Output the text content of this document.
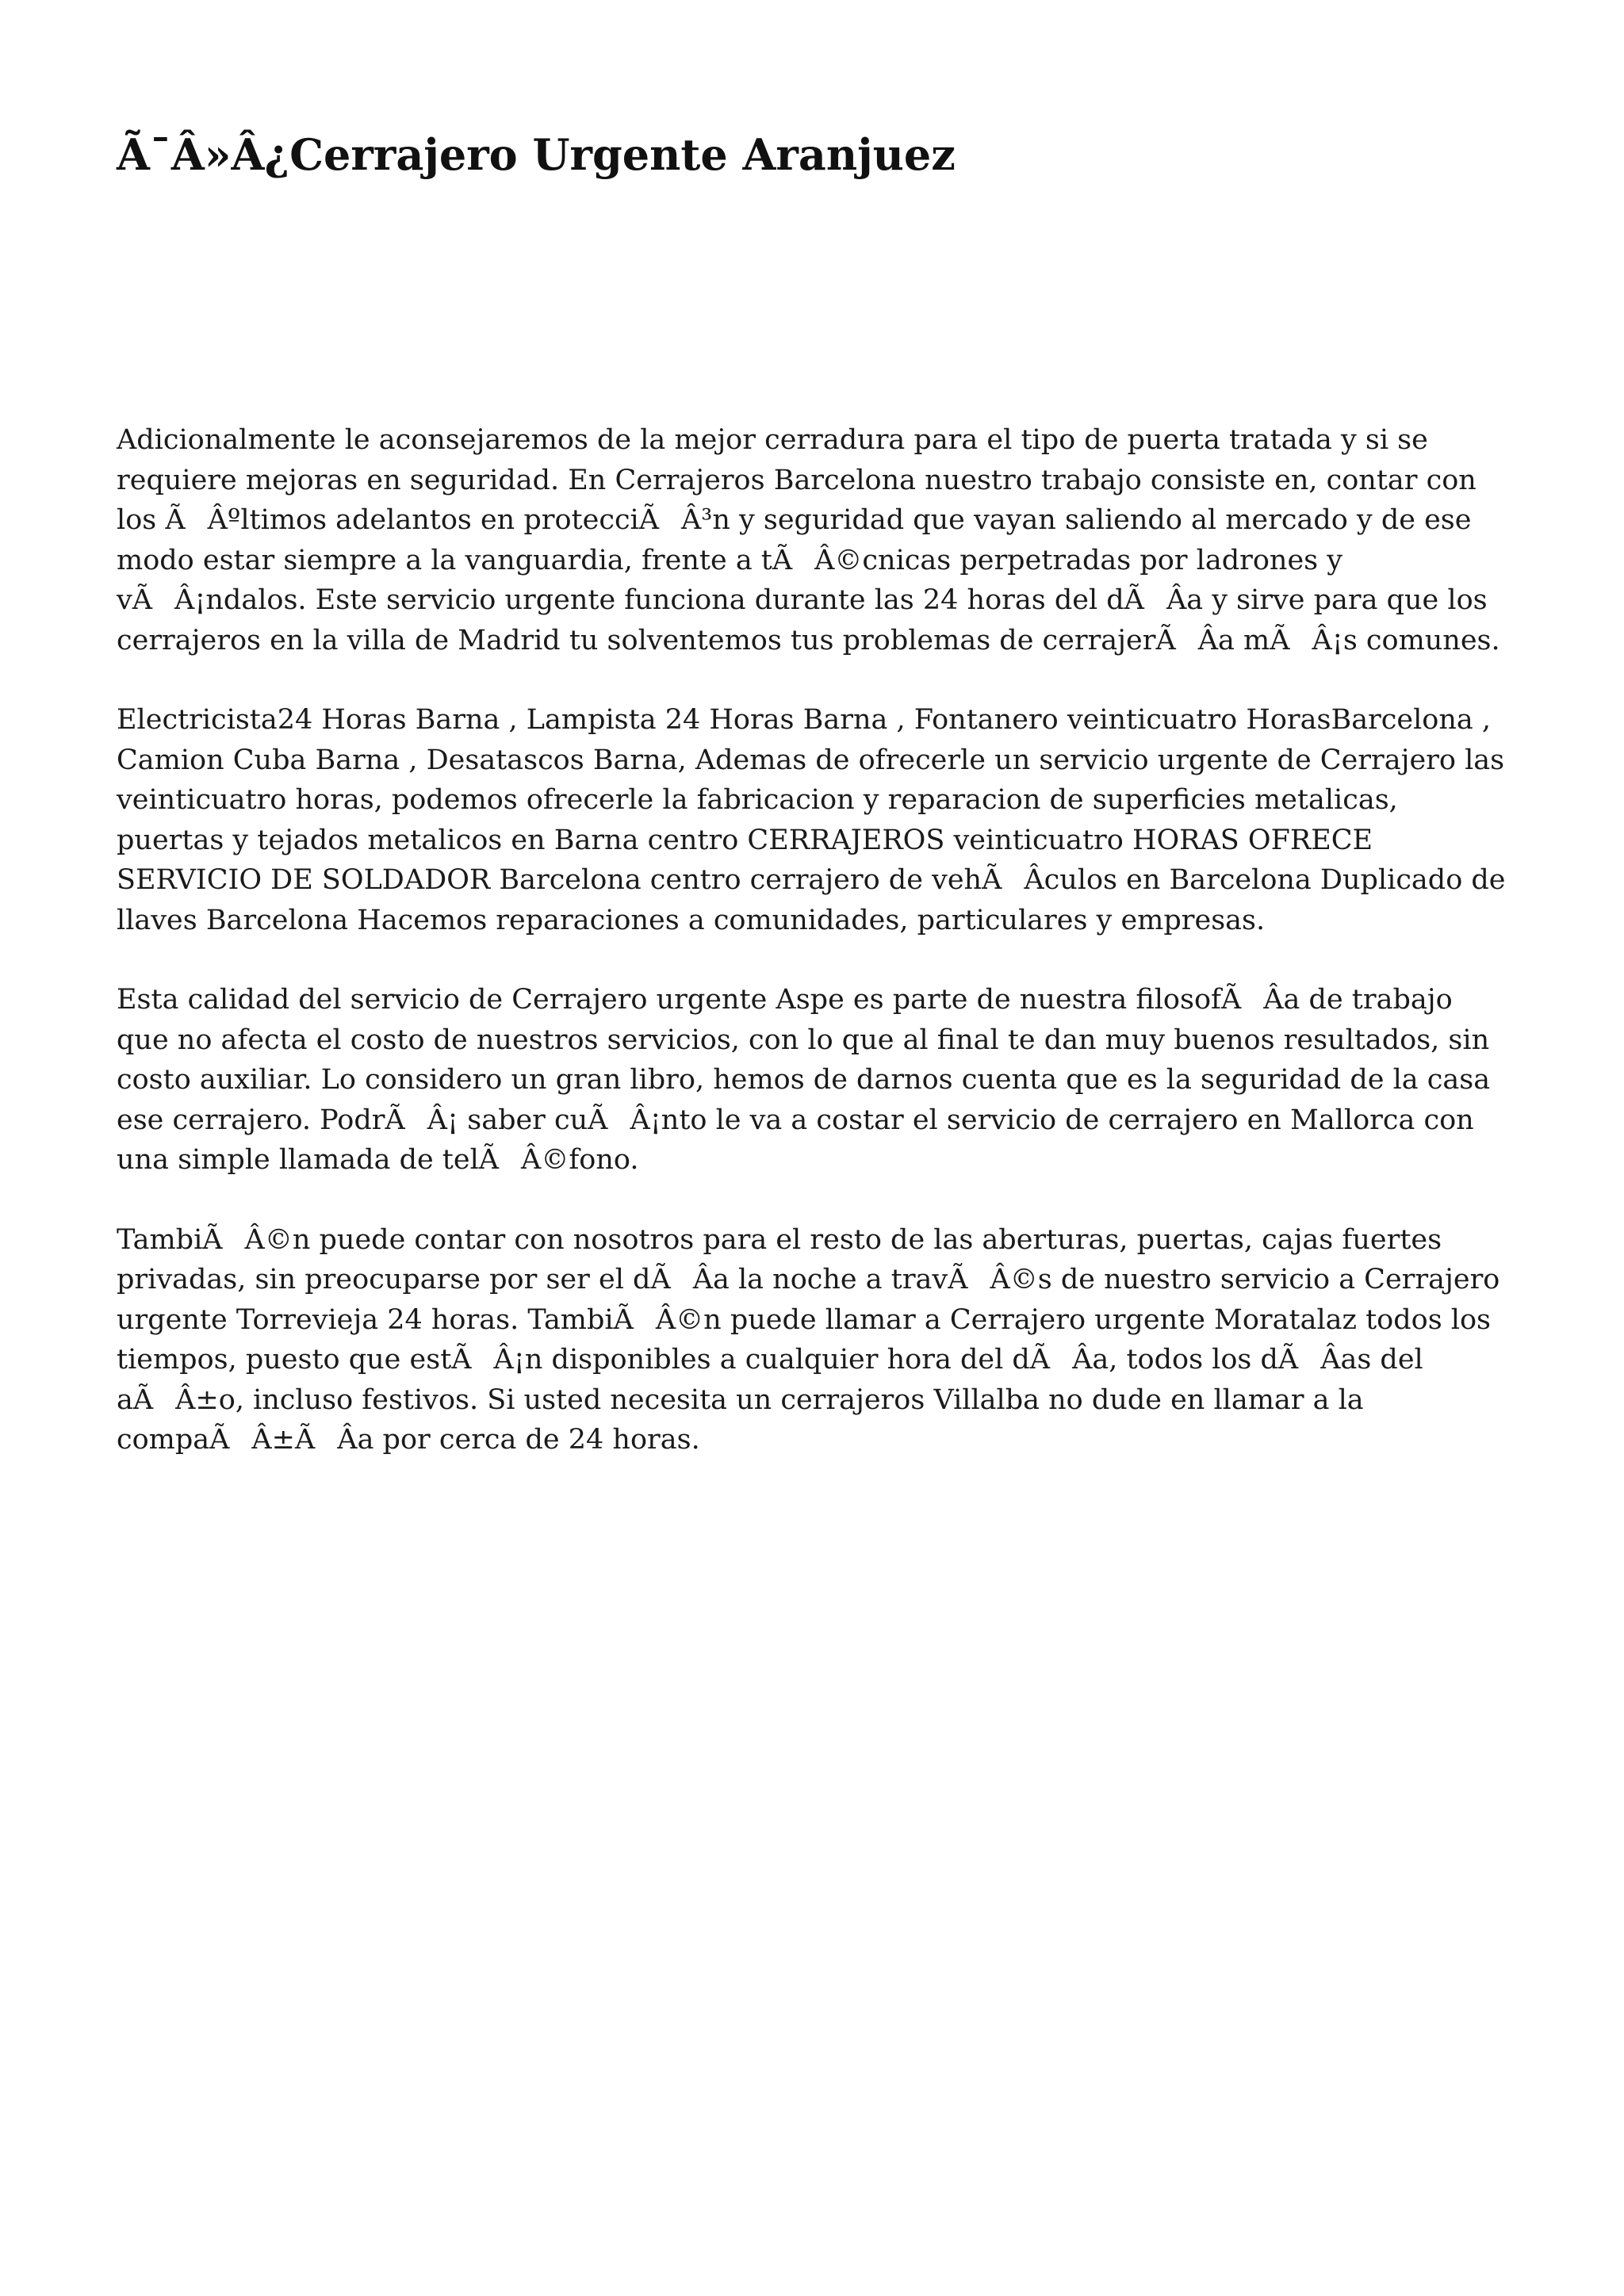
Ã¯Â»Â¿Cerrajero Urgente Aranjuez

Adicionalmente le aconsejaremos de la mejor cerradura para el tipo de puerta tratada y si se requiere mejoras en seguridad. En Cerrajeros Barcelona nuestro trabajo consiste en, contar con los ÃÂºltimos adelantos en protecciÃÂ³n y seguridad que vayan saliendo al mercado y de ese modo estar siempre a la vanguardia, frente a tÃÂ©cnicas perpetradas por ladrones y vÃÂ¡ndalos. Este servicio urgente funciona durante las 24 horas del dÃÂa y sirve para que los cerrajeros en la villa de Madrid tu solventemos tus problemas de cerrajerÃÂa mÃÂ¡s comunes.

Electricista24 Horas Barna , Lampista 24 Horas Barna , Fontanero veinticuatro HorasBarcelona , Camion Cuba Barna , Desatascos Barna, Ademas de ofrecerle un servicio urgente de Cerrajero las veinticuatro horas, podemos ofrecerle la fabricacion y reparacion de superficies metalicas, puertas y tejados metalicos en Barna centro CERRAJEROS veinticuatro HORAS OFRECE SERVICIO DE SOLDADOR Barcelona centro cerrajero de vehÃÂculos en Barcelona Duplicado de llaves Barcelona Hacemos reparaciones a comunidades, particulares y empresas.

Esta calidad del servicio de Cerrajero urgente Aspe es parte de nuestra filosofÃÂa de trabajo que no afecta el costo de nuestros servicios, con lo que al final te dan muy buenos resultados, sin costo auxiliar. Lo considero un gran libro, hemos de darnos cuenta que es la seguridad de la casa ese cerrajero. PodrÃÂ¡ saber cuÃÂ¡nto le va a costar el servicio de cerrajero en Mallorca con una simple llamada de telÃÂ©fono.

TambiÃÂ©n puede contar con nosotros para el resto de las aberturas, puertas, cajas fuertes privadas, sin preocuparse por ser el dÃÂa la noche a travÃÂ©s de nuestro servicio a Cerrajero urgente Torrevieja 24 horas. TambiÃÂ©n puede llamar a Cerrajero urgente Moratalaz todos los tiempos, puesto que estÃÂ¡n disponibles a cualquier hora del dÃÂa, todos los dÃÂas del aÃÂ±o, incluso festivos. Si usted necesita un cerrajeros Villalba no dude en llamar a la compaÃÂ±ÃÂa por cerca de 24 horas.
